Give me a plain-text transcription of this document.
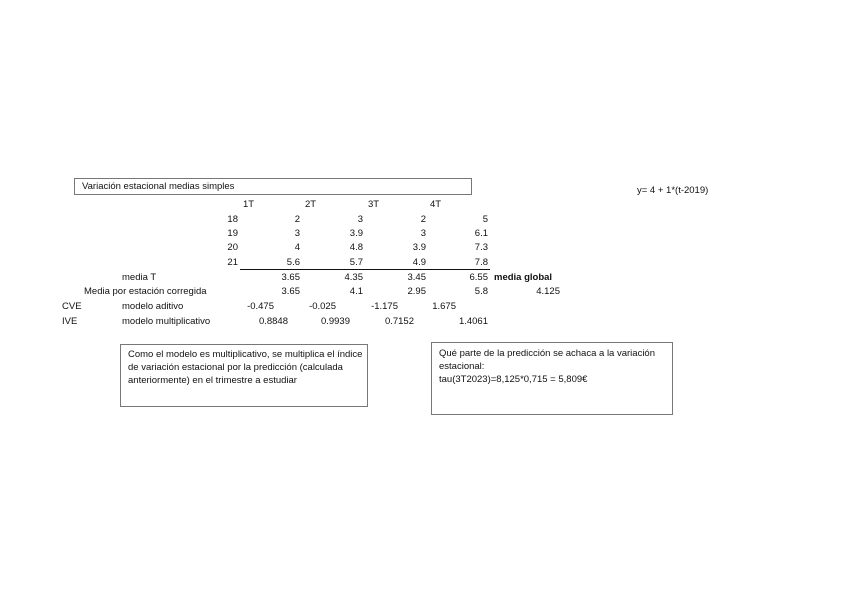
Variación estacional medias simples	y= 4 + 1*(t-2019)
1T	2T	3T	4T
18	2	3	2	5
19	3	3.9	3	6.1
20	4	4.8	3.9	7.3
21	5.6	5.7	4.9	7.8
media T	3.65	4.35	3.45	6.55 media global
Media por estación corregida	3.65	4.1	2.95	5.8	4.125
CVE	modelo aditivo	-0.475	-0.025	-1.175	1.675
IVE	modelo multiplicativo	0.8848	0.9939	0.7152	1.4061
Como el modelo es multiplicativo, se multiplica el índice de variación estacional por la predicción (calculada anteriormente) en el trimestre a estudiar
Qué parte de la predicción se achaca a la variación estacional:
tau(3T2023)=8,125*0,715 = 5,809€
